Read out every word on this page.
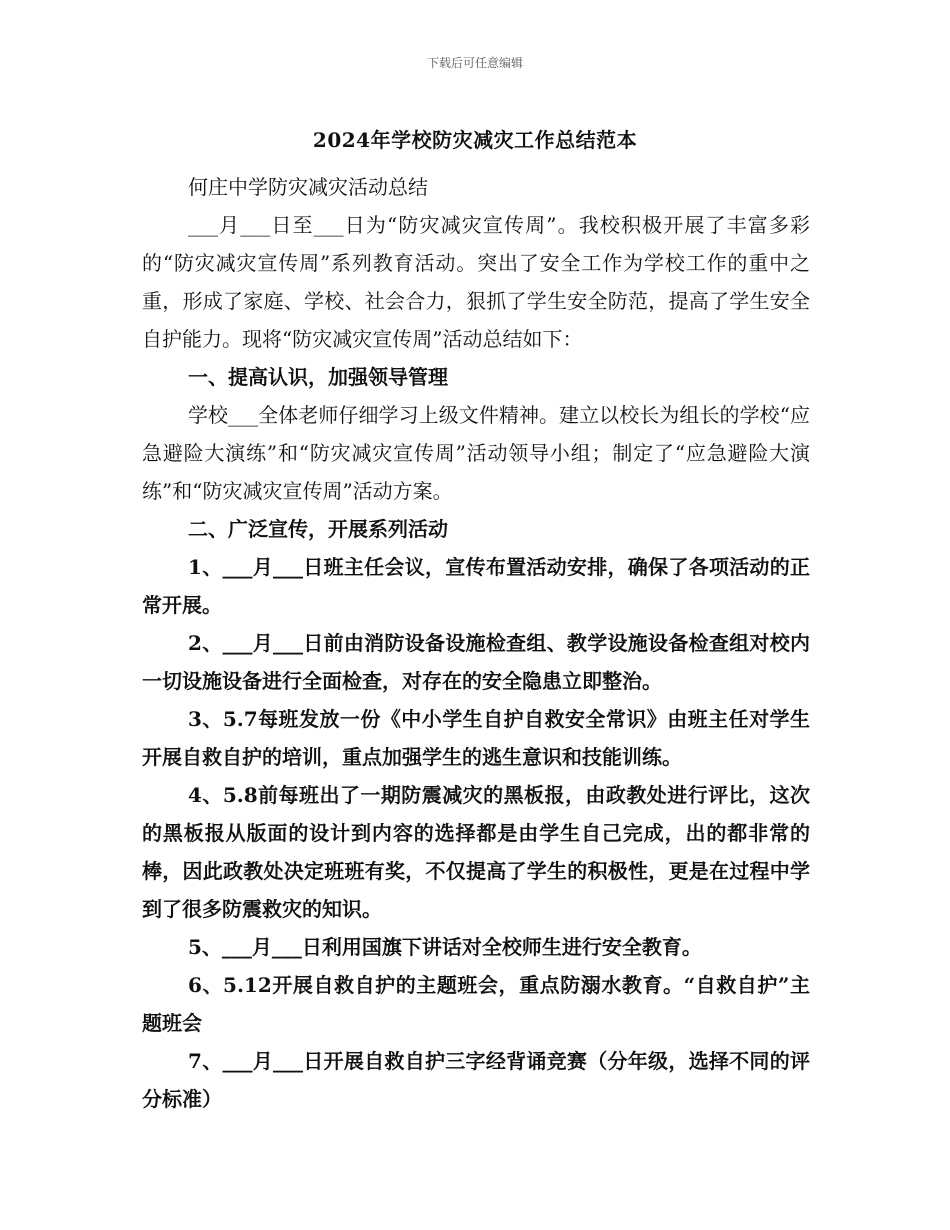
下载后可任意编辑
2024年学校防灾减灾工作总结范本

何庄中学防灾减灾活动总结

___月___日至___日为“防灾减灾宣传周”。我校积极开展了丰富多彩的“防灾减灾宣传周”系列教育活动。突出了安全工作为学校工作的重中之重，形成了家庭、学校、社会合力，狠抓了学生安全防范，提高了学生安全自护能力。现将“防灾减灾宣传周”活动总结如下：

一、提高认识，加强领导管理

学校___全体老师仔细学习上级文件精神。建立以校长为组长的学校“应急避险大演练”和“防灾减灾宣传周”活动领导小组；制定了“应急避险大演练”和“防灾减灾宣传周”活动方案。

二、广泛宣传，开展系列活动

1、___月___日班主任会议，宣传布置活动安排，确保了各项活动的正常开展。

2、___月___日前由消防设备设施检查组、教学设施设备检查组对校内一切设施设备进行全面检查，对存在的安全隐患立即整治。

3、5.7每班发放一份《中小学生自护自救安全常识》由班主任对学生开展自救自护的培训，重点加强学生的逃生意识和技能训练。

4、5.8前每班出了一期防震减灾的黑板报，由政教处进行评比，这次的黑板报从版面的设计到内容的选择都是由学生自己完成，出的都非常的棒，因此政教处决定班班有奖，不仅提高了学生的积极性，更是在过程中学到了很多防震救灾的知识。

5、___月___日利用国旗下讲话对全校师生进行安全教育。

6、5.12开展自救自护的主题班会，重点防溺水教育。“自救自护”主题班会

7、___月___日开展自救自护三字经背诵竞赛（分年级，选择不同的评分标准）
